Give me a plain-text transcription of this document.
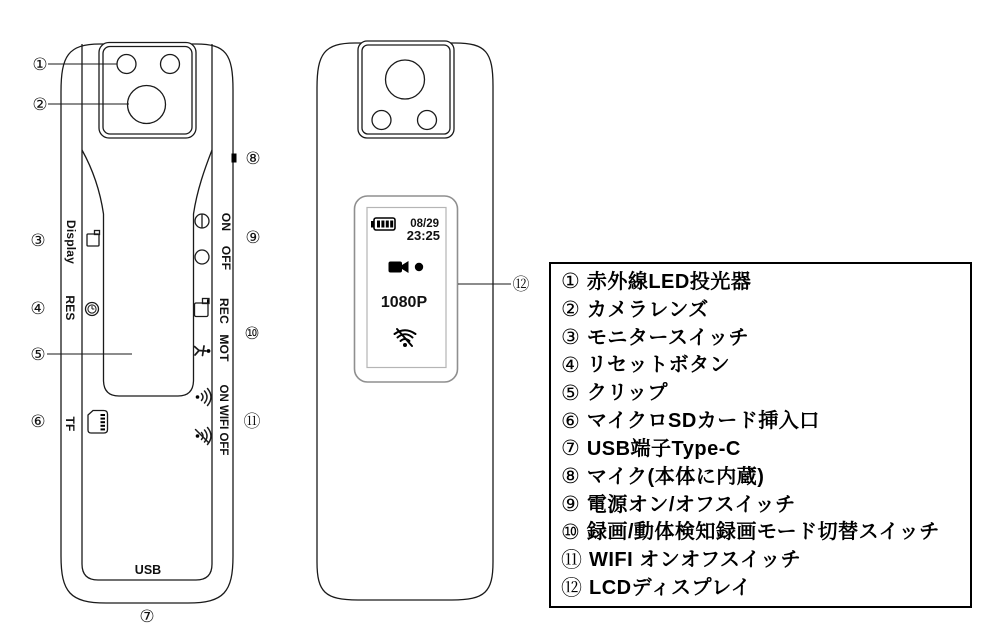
Display
RES
TF
ON
OFF
REC
MOT
ON WIFI OFF
USB
08/29
23:25
1080P
①
②
③
④
⑤
⑥
⑦
⑧
⑨
⑩
⑪
⑫ ① 赤外線LED投光器
② カメラレンズ
③ モニタースイッチ
④ リセットボタン
⑤ クリップ
⑥ マイクロSDカード挿入口
⑦ USB端子Type-C
⑧ マイク(本体に内蔵)
⑨ 電源オン/オフスイッチ
⑩ 録画/動体検知録画モード切替スイッチ
⑪ WIFI オンオフスイッチ
⑫ LCDディスプレイ
